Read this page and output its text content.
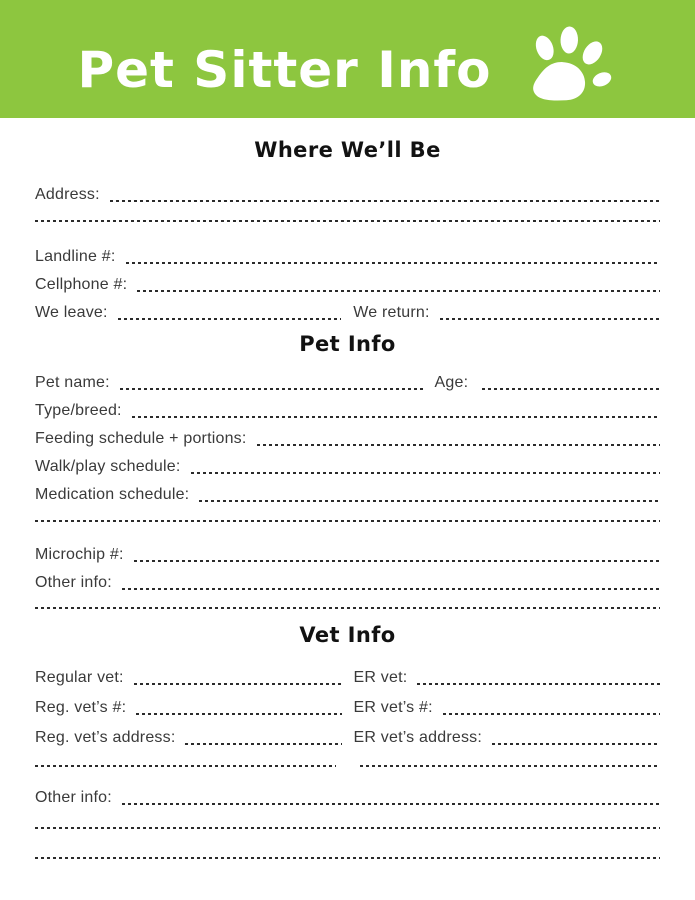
Pet Sitter Info
Where We’ll Be
Address:
Landline #:
Cellphone #:
We leave:	We return:
Pet Info
Pet name:	Age:
Type/breed:
Feeding schedule + portions:
Walk/play schedule:
Medication schedule:
Microchip #:
Other info:
Vet Info
Regular vet:	ER vet:
Reg. vet’s #:	ER vet’s #:
Reg. vet’s address:	ER vet’s address:
Other info:
